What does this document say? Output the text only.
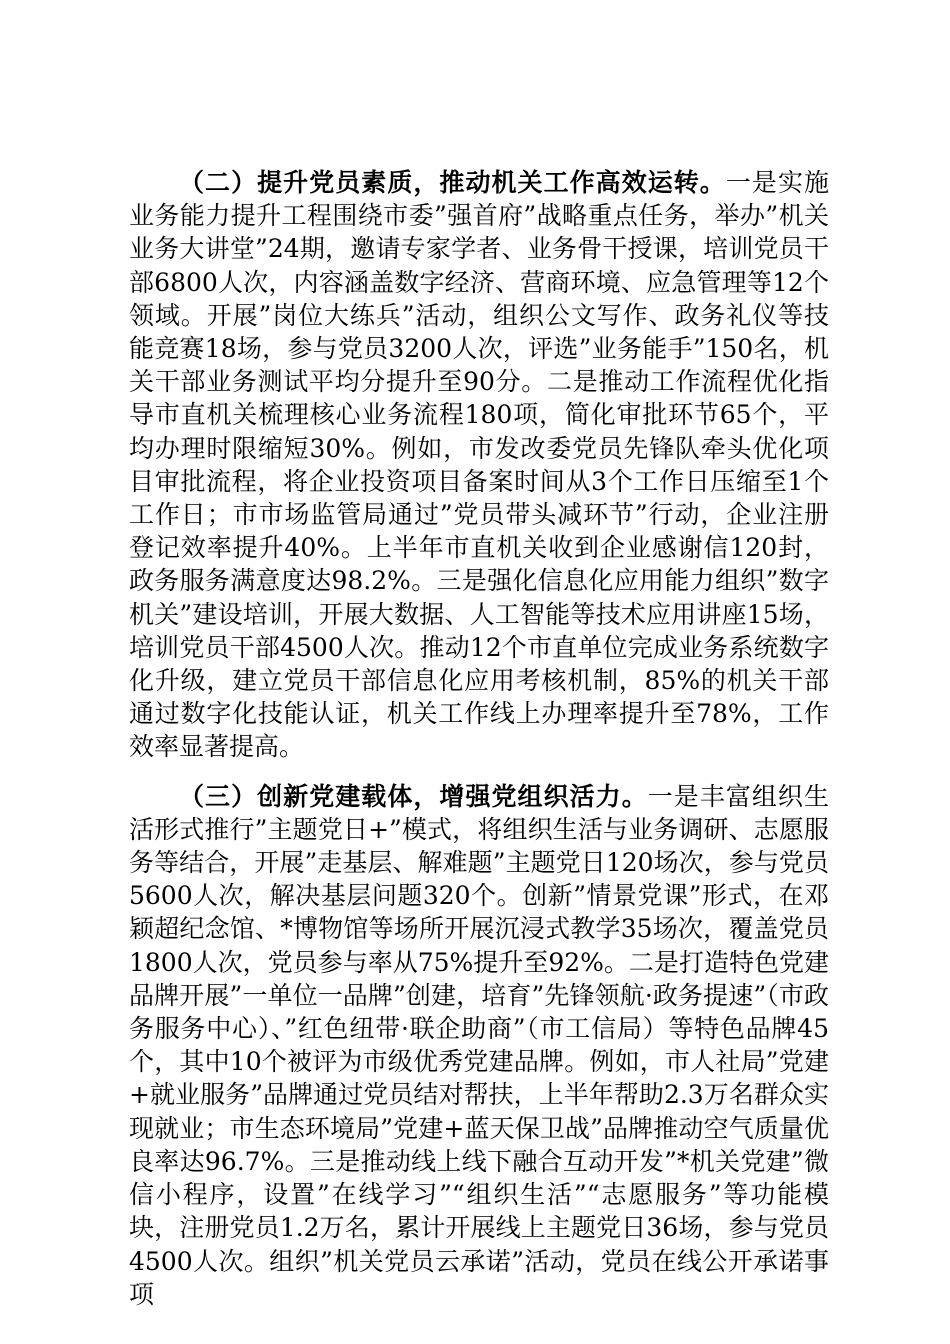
（二）提升党员素质，推动机关工作高效运转。一是实施业务能力提升工程围绕市委”强首府”战略重点任务，举办”机关业务大讲堂”24期，邀请专家学者、业务骨干授课，培训党员干部6800人次，内容涵盖数字经济、营商环境、应急管理等12个领域。开展”岗位大练兵”活动，组织公文写作、政务礼仪等技能竞赛18场，参与党员3200人次，评选”业务能手”150名，机关干部业务测试平均分提升至90分。二是推动工作流程优化指导市直机关梳理核心业务流程180项，简化审批环节65个，平均办理时限缩短30%。例如，市发改委党员先锋队牵头优化项目审批流程，将企业投资项目备案时间从3个工作日压缩至1个工作日；市市场监管局通过”党员带头减环节”行动，企业注册登记效率提升40%。上半年市直机关收到企业感谢信120封，政务服务满意度达98.2%。三是强化信息化应用能力组织”数字机关”建设培训，开展大数据、人工智能等技术应用讲座15场，培训党员干部4500人次。推动12个市直单位完成业务系统数字化升级，建立党员干部信息化应用考核机制，85%的机关干部通过数字化技能认证，机关工作线上办理率提升至78%，工作效率显著提高。

（三）创新党建载体，增强党组织活力。一是丰富组织生活形式推行”主题党日+”模式，将组织生活与业务调研、志愿服务等结合，开展”走基层、解难题”主题党日120场次，参与党员5600人次，解决基层问题320个。创新”情景党课”形式，在邓颖超纪念馆、*博物馆等场所开展沉浸式教学35场次，覆盖党员1800人次，党员参与率从75%提升至92%。二是打造特色党建品牌开展”一单位一品牌”创建，培育”先锋领航·政务提速”（市政务服务中心）、”红色纽带·联企助商”（市工信局）等特色品牌45个，其中10个被评为市级优秀党建品牌。例如，市人社局”党建+就业服务”品牌通过党员结对帮扶，上半年帮助2.3万名群众实现就业；市生态环境局”党建+蓝天保卫战”品牌推动空气质量优良率达96.7%。三是推动线上线下融合互动开发”*机关党建”微信小程序，设置”在线学习”“组织生活”“志愿服务”等功能模块，注册党员1.2万名，累计开展线上主题党日36场，参与党员4500人次。组织”机关党员云承诺”活动，党员在线公开承诺事项
